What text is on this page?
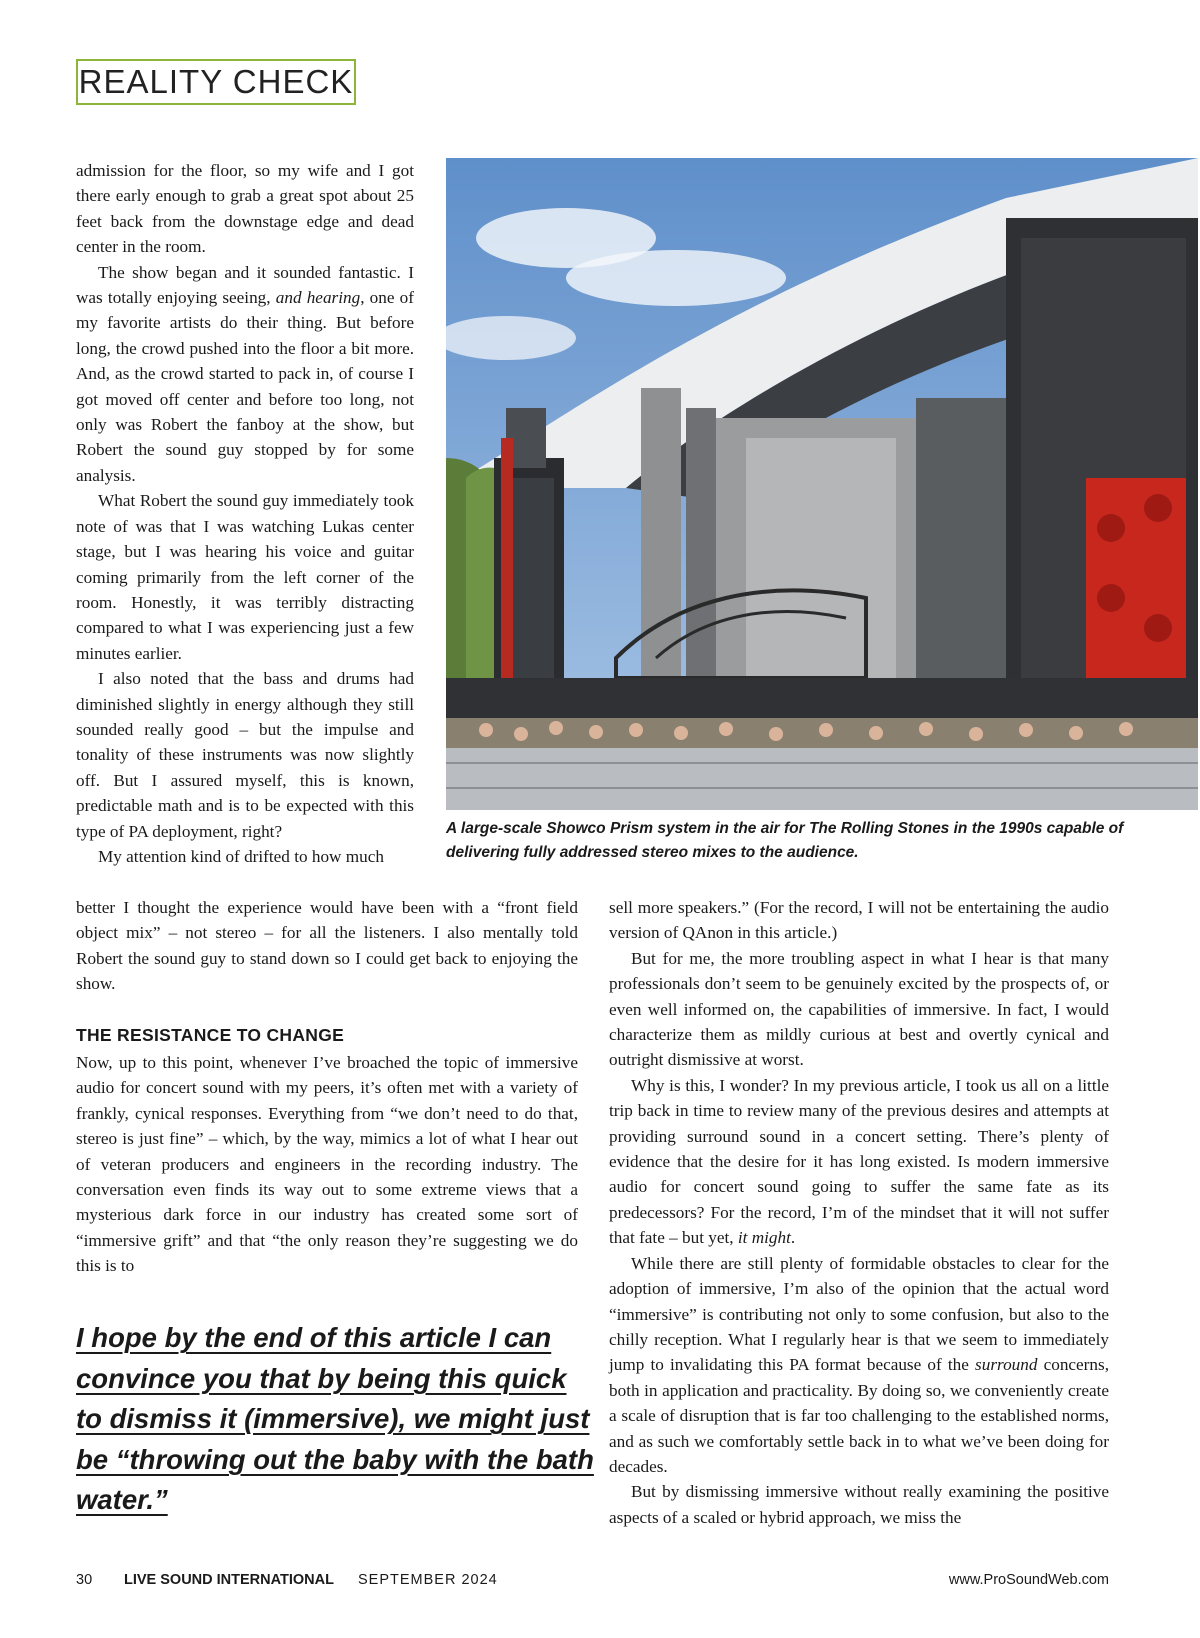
REALITY CHECK
A large-scale Showco Prism system in the air for The Rolling Stones in the 1990s capable of delivering fully addressed stereo mixes to the audience.

admission for the floor, so my wife and I got there early enough to grab a great spot about 25 feet back from the downstage edge and dead center in the room.

The show began and it sounded fantastic. I was totally enjoying seeing, and hearing, one of my favorite artists do their thing. But before long, the crowd pushed into the floor a bit more. And, as the crowd started to pack in, of course I got moved off center and before too long, not only was Robert the fanboy at the show, but Robert the sound guy stopped by for some analysis.

What Robert the sound guy immediately took note of was that I was watching Lukas center stage, but I was hearing his voice and guitar coming primarily from the left corner of the room. Honestly, it was terribly distracting compared to what I was experiencing just a few minutes earlier.

I also noted that the bass and drums had diminished slightly in energy although they still sounded really good – but the impulse and tonality of these instruments was now slightly off. But I assured myself, this is known, predictable math and is to be expected with this type of PA deployment, right?

My attention kind of drifted to how much

better I thought the experience would have been with a “front field object mix” – not stereo – for all the listeners. I also mentally told Robert the sound guy to stand down so I could get back to enjoying the show.

THE RESISTANCE TO CHANGE

Now, up to this point, whenever I’ve broached the topic of immersive audio for concert sound with my peers, it’s often met with a variety of frankly, cynical responses. Everything from “we don’t need to do that, stereo is just fine” – which, by the way, mimics a lot of what I hear out of veteran producers and engineers in the recording industry. The conversation even finds its way out to some extreme views that a mysterious dark force in our industry has created some sort of “immersive grift” and that “the only reason they’re suggesting we do this is to

I hope by the end of this article I can convince you that by being this quick to dismiss it (immersive), we might just be “throwing out the baby with the bath water.”

sell more speakers.” (For the record, I will not be entertaining the audio version of QAnon in this article.)

But for me, the more troubling aspect in what I hear is that many professionals don’t seem to be genuinely excited by the prospects of, or even well informed on, the capabilities of immersive. In fact, I would characterize them as mildly curious at best and overtly cynical and outright dismissive at worst.

Why is this, I wonder? In my previous article, I took us all on a little trip back in time to review many of the previous desires and attempts at providing surround sound in a concert setting. There’s plenty of evidence that the desire for it has long existed. Is modern immersive audio for concert sound going to suffer the same fate as its predecessors? For the record, I’m of the mindset that it will not suffer that fate – but yet, it might.

While there are still plenty of formidable obstacles to clear for the adoption of immersive, I’m also of the opinion that the actual word “immersive” is contributing not only to some confusion, but also to the chilly reception. What I regularly hear is that we seem to immediately jump to invalidating this PA format because of the surround concerns, both in application and practicality. By doing so, we conveniently create a scale of disruption that is far too challenging to the established norms, and as such we comfortably settle back in to what we’ve been doing for decades.

But by dismissing immersive without really examining the positive aspects of a scaled or hybrid approach, we miss the

30 LIVE SOUND INTERNATIONAL SEPTEMBER 2024	www.ProSoundWeb.com
